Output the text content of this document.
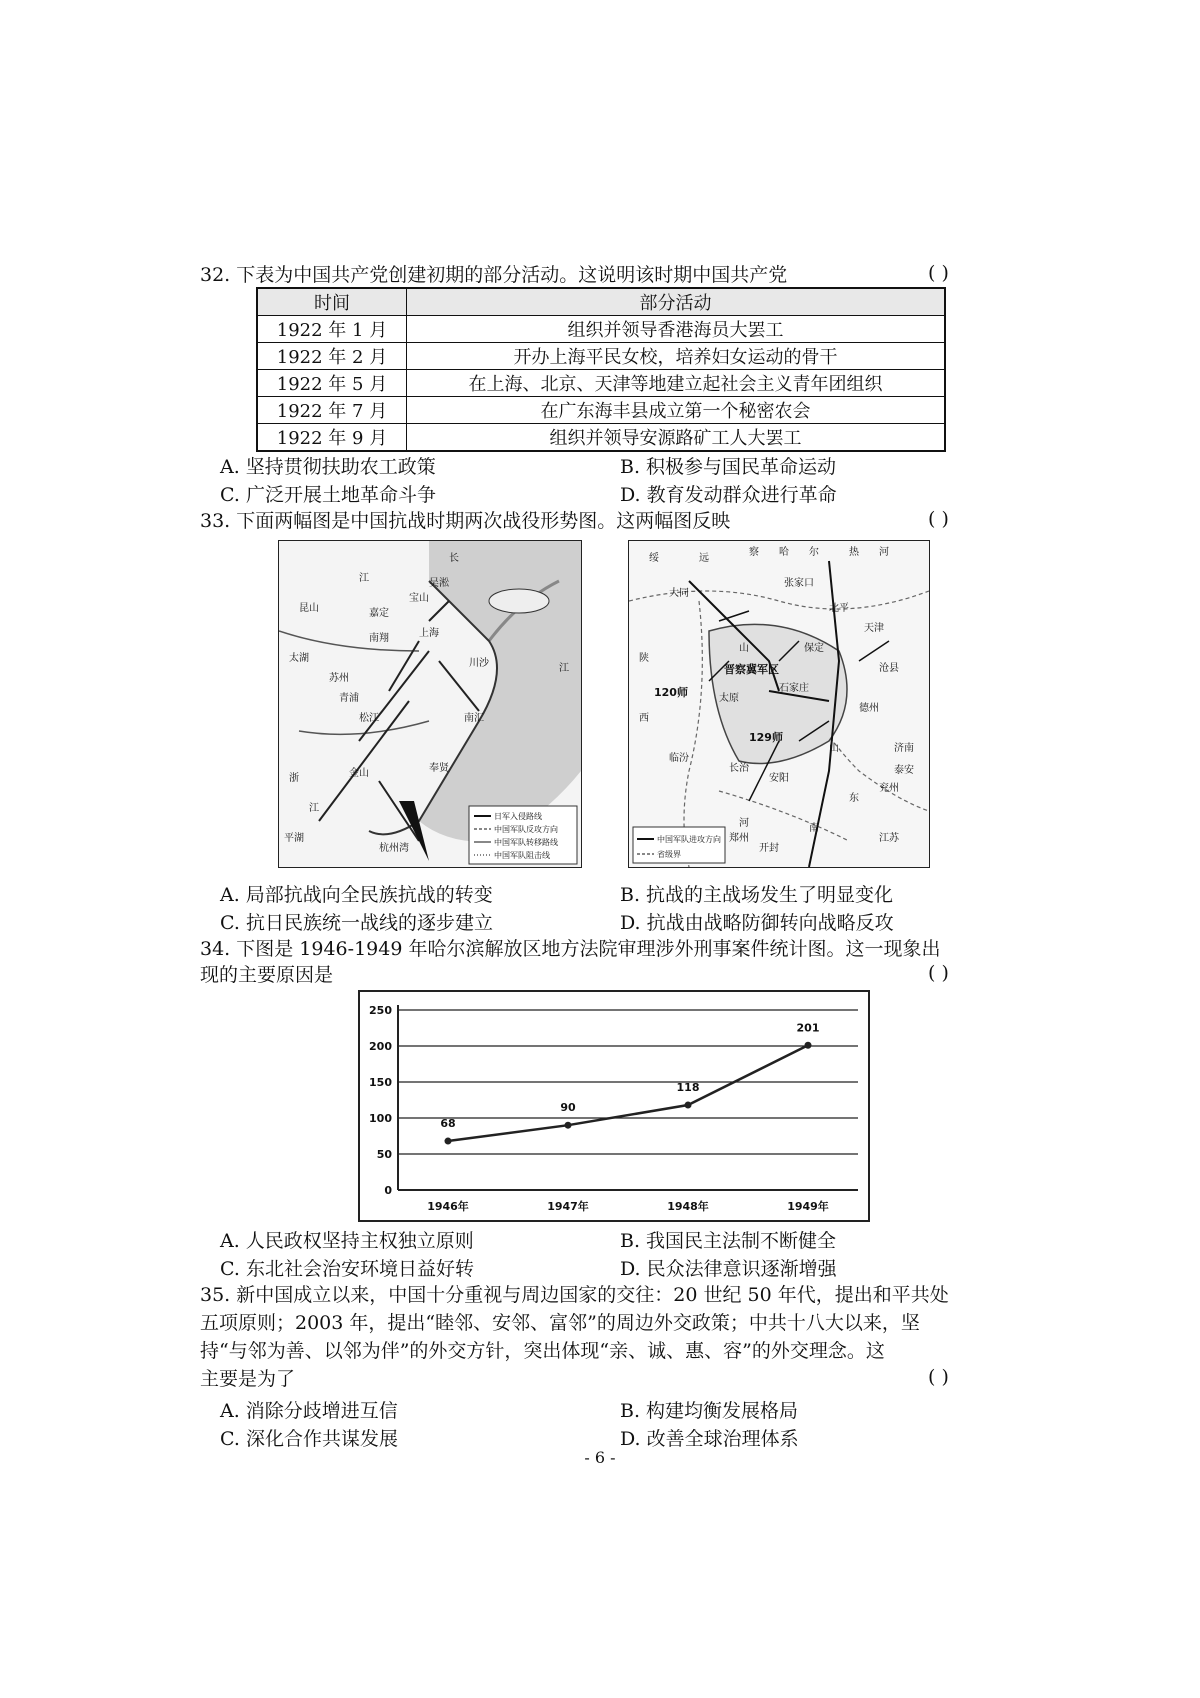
32. 下表为中国共产党创建初期的部分活动。这说明该时期中国共产党	( )
时间	部分活动
1922 年 1 月	组织并领导香港海员大罢工
1922 年 2 月	开办上海平民女校，培养妇女运动的骨干
1922 年 5 月	在上海、北京、天津等地建立起社会主义青年团组织
1922 年 7 月	在广东海丰县成立第一个秘密农会
1922 年 9 月	组织并领导安源路矿工人大罢工
A. 坚持贯彻扶助农工政策	B. 积极参与国民革命运动
C. 广泛开展土地革命斗争	D. 教育发动群众进行革命
33. 下面两幅图是中国抗战时期两次战役形势图。这两幅图反映	( )
江
长
江
昆山	嘉定
宝山
南翔
松江
浙
江
杭州湾
川沙
南汇
奉贤
金山
平湖
太湖
苏州
青浦
吴淞
上海
日军入侵路线
中国军队反攻方向
中国军队转移路线
中国军队阻击线
绥	远
察 哈 尔	热 河
张家口
大同
山
晋察冀军区
120师	太原
129师
陕
西
石家庄
保定
北平
天津
沧县
德州
济南
泰安
兖州
山
东
河	南
开封
郑州
安阳
长治
临汾
江苏
中国军队进攻方向
省级界
A. 局部抗战向全民族抗战的转变	B. 抗战的主战场发生了明显变化
C. 抗日民族统一战线的逐步建立	D. 抗战由战略防御转向战略反攻
34. 下图是 1946-1949 年哈尔滨解放区地方法院审理涉外刑事案件统计图。这一现象出
现的主要原因是	( )
0
50
100
150
200
250
1946年	1947年	1948年	1949年
68
90
118
201
A. 人民政权坚持主权独立原则	B. 我国民主法制不断健全
C. 东北社会治安环境日益好转	D. 民众法律意识逐渐增强
35. 新中国成立以来，中国十分重视与周边国家的交往：20 世纪 50 年代，提出和平共处
五项原则；2003 年，提出“睦邻、安邻、富邻”的周边外交政策；中共十八大以来，坚
持“与邻为善、以邻为伴”的外交方针，突出体现“亲、诚、惠、容”的外交理念。这
主要是为了	( )
A. 消除分歧增进互信	B. 构建均衡发展格局
C. 深化合作共谋发展	D. 改善全球治理体系
- 6 -
